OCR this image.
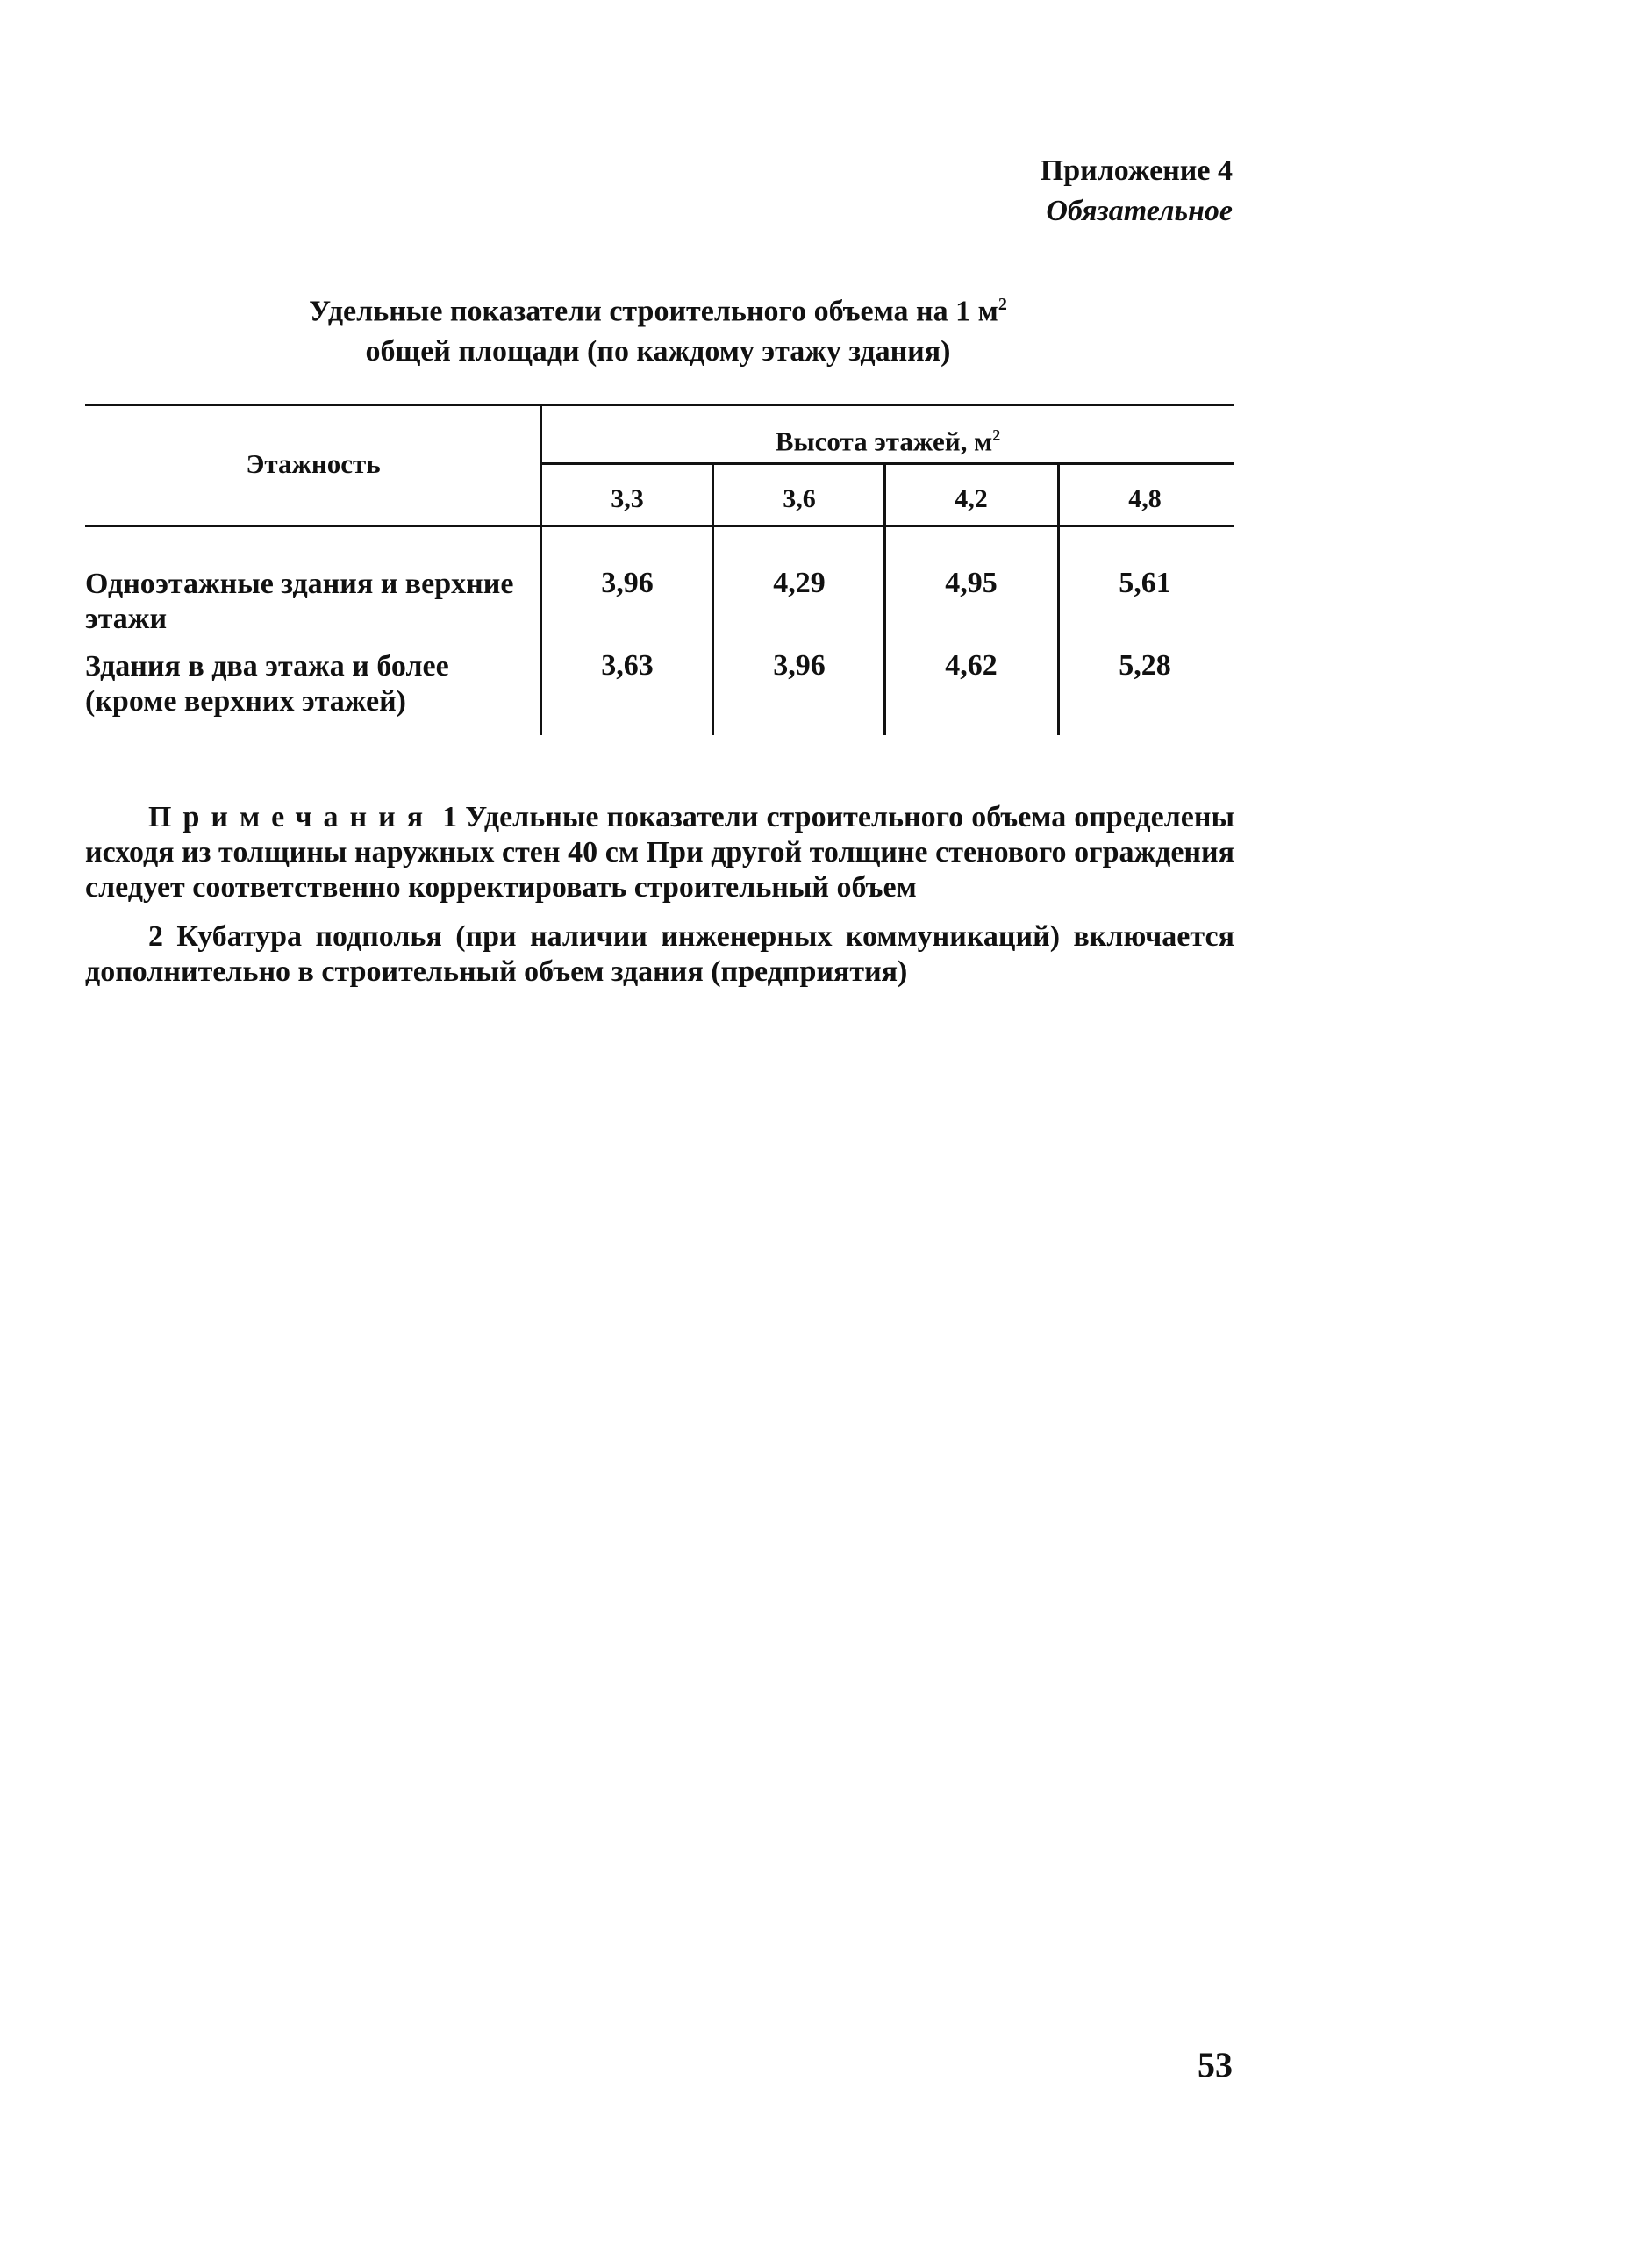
Приложение 4
Обязательное
Удельные показатели строительного объема на 1 $м^2$
общей площади (по каждому этажу здания)
Этажность
Высота этажей, $м^2$
3,3	3,6	4,2	4,8
Одноэтажные здания и верхние этажи
3,96	4,29	4,95	5,61
Здания в два этажа и более (кроме верхних этажей)
3,63	3,96	4,62	5,28

Примечания 1 Удельные показатели строительного объема определены исходя из толщины наружных стен 40 см При другой толщине стенового ограждения следует соответственно корректировать строительный объем

2 Кубатура подполья (при наличии инженерных коммуникаций) включается дополнительно в строительный объем здания (предприятия)

53
